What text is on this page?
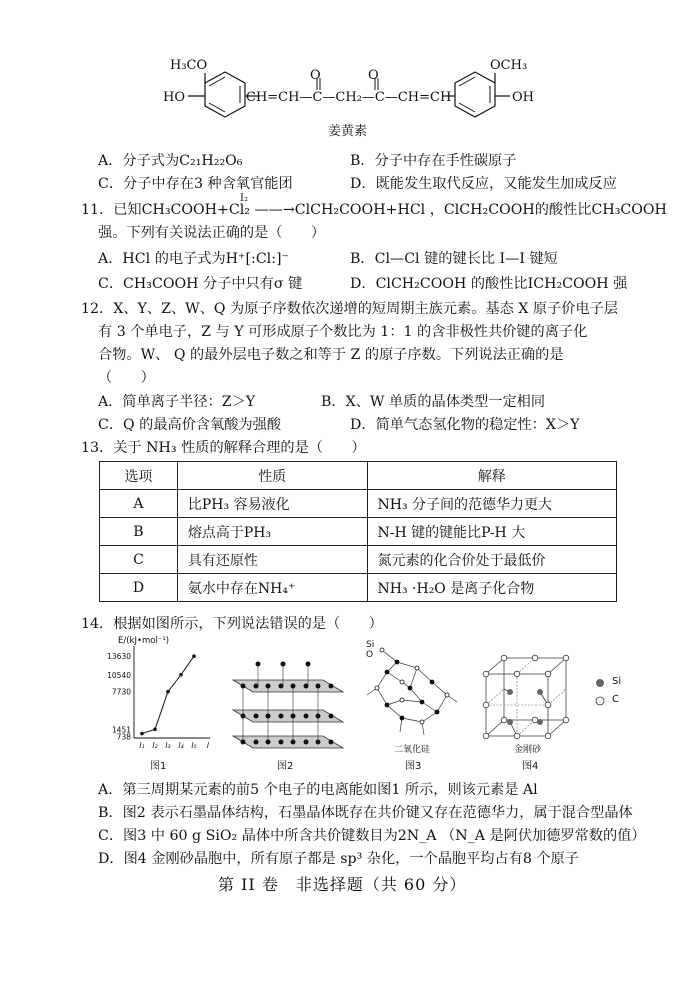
H₃CO
HO
O	O
CH=CH—C—CH₂—C—CH=CH
OCH₃
OH
姜黄素
A．分子式为C₂₁H₂₂O₆	B．分子中存在手性碳原子
C．分子中存在3 种含氧官能团	D．既能发生取代反应，又能发生加成反应
I₂
11．已知CH₃COOH+Cl₂ ——→ClCH₂COOH+HCl ，ClCH₂COOH的酸性比CH₃COOH
强。下列有关说法正确的是（　　）
A．HCl 的电子式为H⁺[:Cl:]⁻	B．Cl—Cl 键的键长比 I—I 键短
C．CH₃COOH 分子中只有σ 键	D．ClCH₂COOH 的酸性比ICH₂COOH 强
12．X、Y、Z、W、Q 为原子序数依次递增的短周期主族元素。基态 X 原子价电子层
有 3 个单电子，Z 与 Y 可形成原子个数比为 1：1 的含非极性共价键的离子化
合物。W、 Q 的最外层电子数之和等于 Z 的原子序数。下列说法正确的是
（　　）
A．简单离子半径：Z＞Y	B．X、W 单质的晶体类型一定相同
C．Q 的最高价含氧酸为强酸	D．简单气态氢化物的稳定性：X＞Y
13．关于 NH₃ 性质的解释合理的是（　　）
选项	性质	解释
A	比PH₃ 容易液化	NH₃ 分子间的范德华力更大
B	熔点高于PH₃	N-H 键的键能比P-H 大
C	具有还原性	氮元素的化合价处于最低价
D	氨水中存在NH₄⁺	NH₃ ·H₂O 是离子化合物
14．根据如图所示，下列说法错误的是（　　）
13630
10540
7730
1451
738
I₁ I₂ I₃ I₄ I₅ I
E/(kJ•mol⁻¹)
图1	图2
Si
O
二氧化硅
图3
Si
C
金刚砂
图4
A．第三周期某元素的前5 个电子的电离能如图1 所示，则该元素是 Al
B．图2 表示石墨晶体结构，石墨晶体既存在共价键又存在范德华力，属于混合型晶体
C．图3 中 60 g SiO₂ 晶体中所含共价键数目为2N_A （N_A 是阿伏加德罗常数的值）
D．图4 金刚砂晶胞中，所有原子都是 sp³ 杂化，一个晶胞平均占有8 个原子
第 II 卷　非选择题（共 60 分）
